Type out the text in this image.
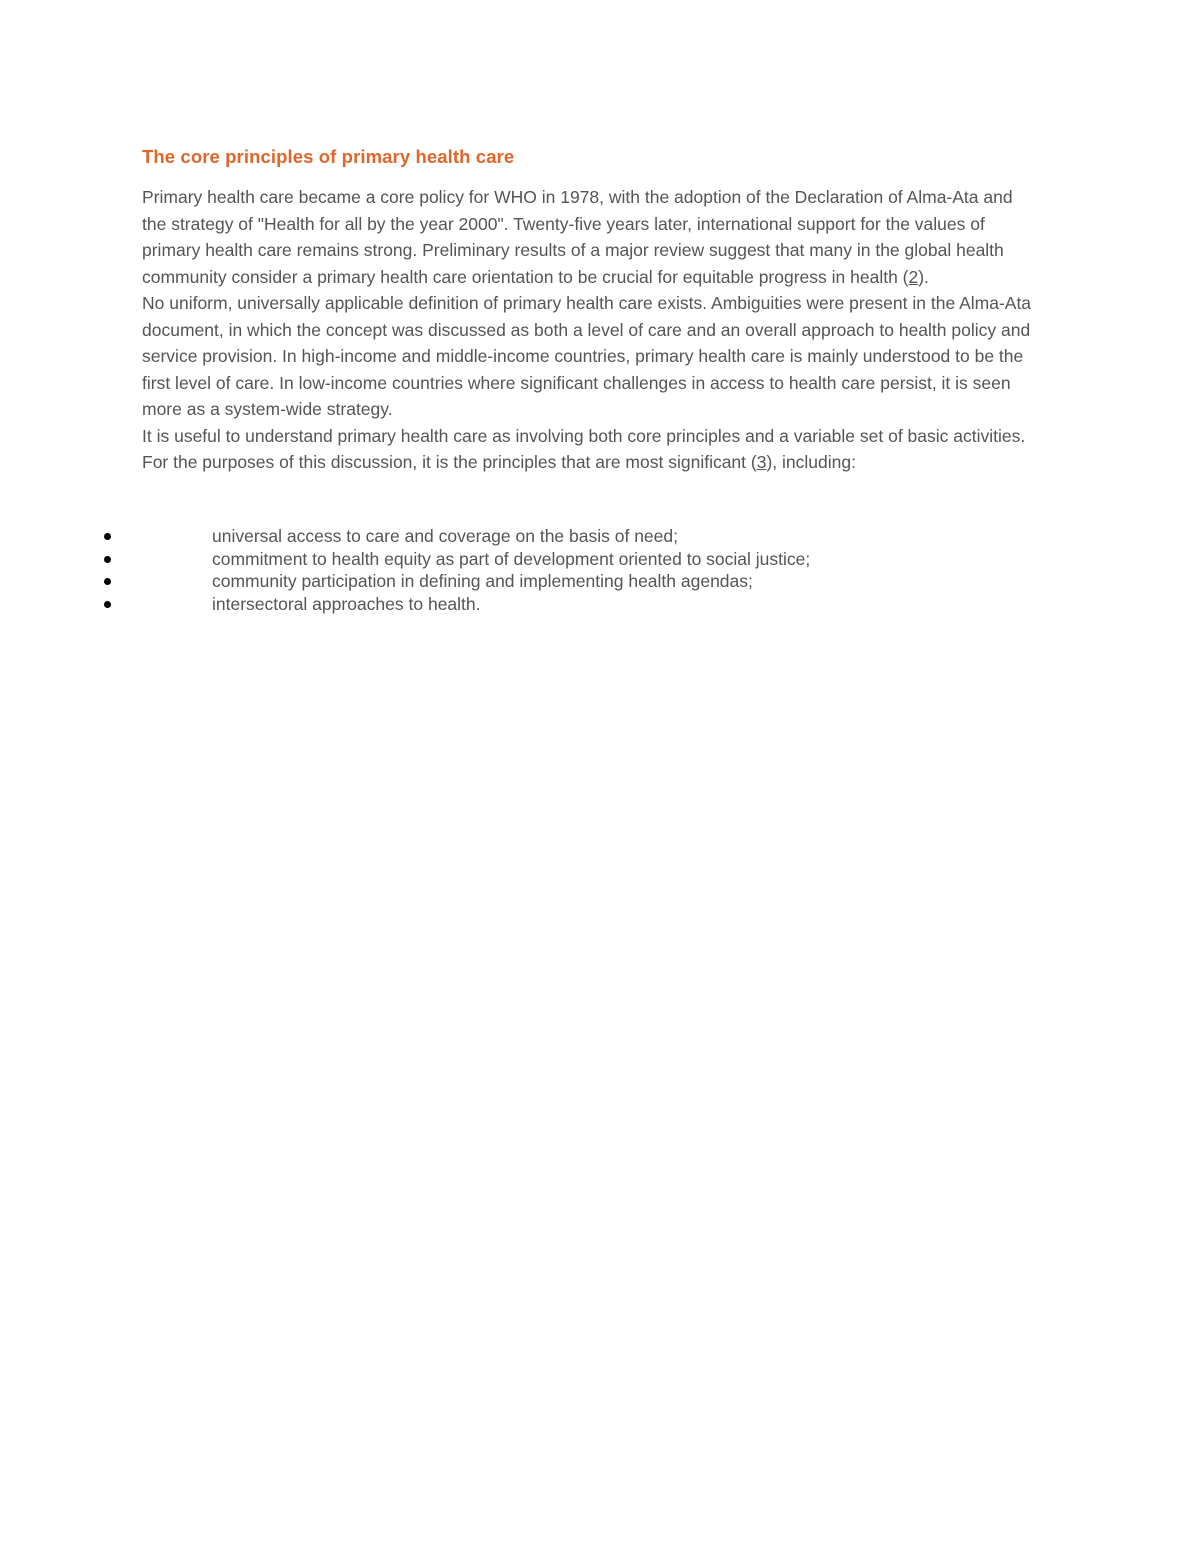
The core principles of primary health care

Primary health care became a core policy for WHO in 1978, with the adoption of the Declaration of Alma-Ata and the strategy of "Health for all by the year 2000". Twenty-five years later, international support for the values of primary health care remains strong. Preliminary results of a major review suggest that many in the global health community consider a primary health care orientation to be crucial for equitable progress in health (2).

No uniform, universally applicable definition of primary health care exists. Ambiguities were present in the Alma-Ata document, in which the concept was discussed as both a level of care and an overall approach to health policy and service provision. In high-income and middle-income countries, primary health care is mainly understood to be the first level of care. In low-income countries where significant challenges in access to health care persist, it is seen more as a system-wide strategy.

It is useful to understand primary health care as involving both core principles and a variable set of basic activities. For the purposes of this discussion, it is the principles that are most significant (3), including:

universal access to care and coverage on the basis of need;
commitment to health equity as part of development oriented to social justice;
community participation in defining and implementing health agendas;
intersectoral approaches to health.
